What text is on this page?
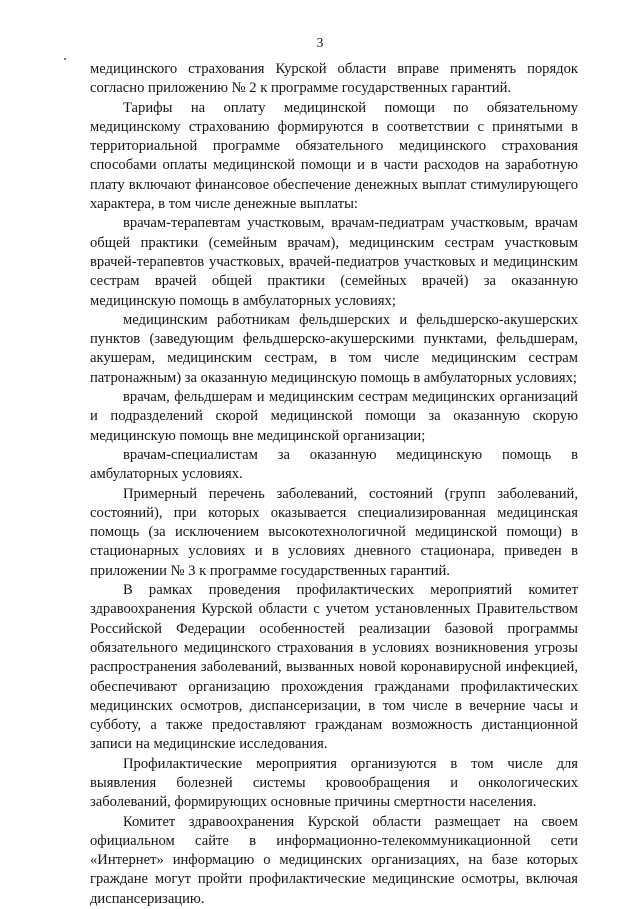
3

медицинского страхования Курской области вправе применять порядок согласно приложению № 2 к программе государственных гарантий.

Тарифы на оплату медицинской помощи по обязательному медицинскому страхованию формируются в соответствии с принятыми в территориальной программе обязательного медицинского страхования способами оплаты медицинской помощи и в части расходов на заработную плату включают финансовое обеспечение денежных выплат стимулирующего характера, в том числе денежные выплаты:

врачам-терапевтам участковым, врачам-педиатрам участковым, врачам общей практики (семейным врачам), медицинским сестрам участковым врачей-терапевтов участковых, врачей-педиатров участковых и медицинским сестрам врачей общей практики (семейных врачей) за оказанную медицинскую помощь в амбулаторных условиях;

медицинским работникам фельдшерских и фельдшерско-акушерских пунктов (заведующим фельдшерско-акушерскими пунктами, фельдшерам, акушерам, медицинским сестрам, в том числе медицинским сестрам патронажным) за оказанную медицинскую помощь в амбулаторных условиях;

врачам, фельдшерам и медицинским сестрам медицинских организаций и подразделений скорой медицинской помощи за оказанную скорую медицинскую помощь вне медицинской организации;

врачам-специалистам за оказанную медицинскую помощь в амбулаторных условиях.

Примерный перечень заболеваний, состояний (групп заболеваний, состояний), при которых оказывается специализированная медицинская помощь (за исключением высокотехнологичной медицинской помощи) в стационарных условиях и в условиях дневного стационара, приведен в приложении № 3 к программе государственных гарантий.

В рамках проведения профилактических мероприятий комитет здравоохранения Курской области с учетом установленных Правительством Российской Федерации особенностей реализации базовой программы обязательного медицинского страхования в условиях возникновения угрозы распространения заболеваний, вызванных новой коронавирусной инфекцией, обеспечивают организацию прохождения гражданами профилактических медицинских осмотров, диспансеризации, в том числе в вечерние часы и субботу, а также предоставляют гражданам возможность дистанционной записи на медицинские исследования.

Профилактические мероприятия организуются в том числе для выявления болезней системы кровообращения и онкологических заболеваний, формирующих основные причины смертности населения.

Комитет здравоохранения Курской области размещает на своем официальном сайте в информационно-телекоммуникационной сети «Интернет» информацию о медицинских организациях, на базе которых граждане могут пройти профилактические медицинские осмотры, включая диспансеризацию.
